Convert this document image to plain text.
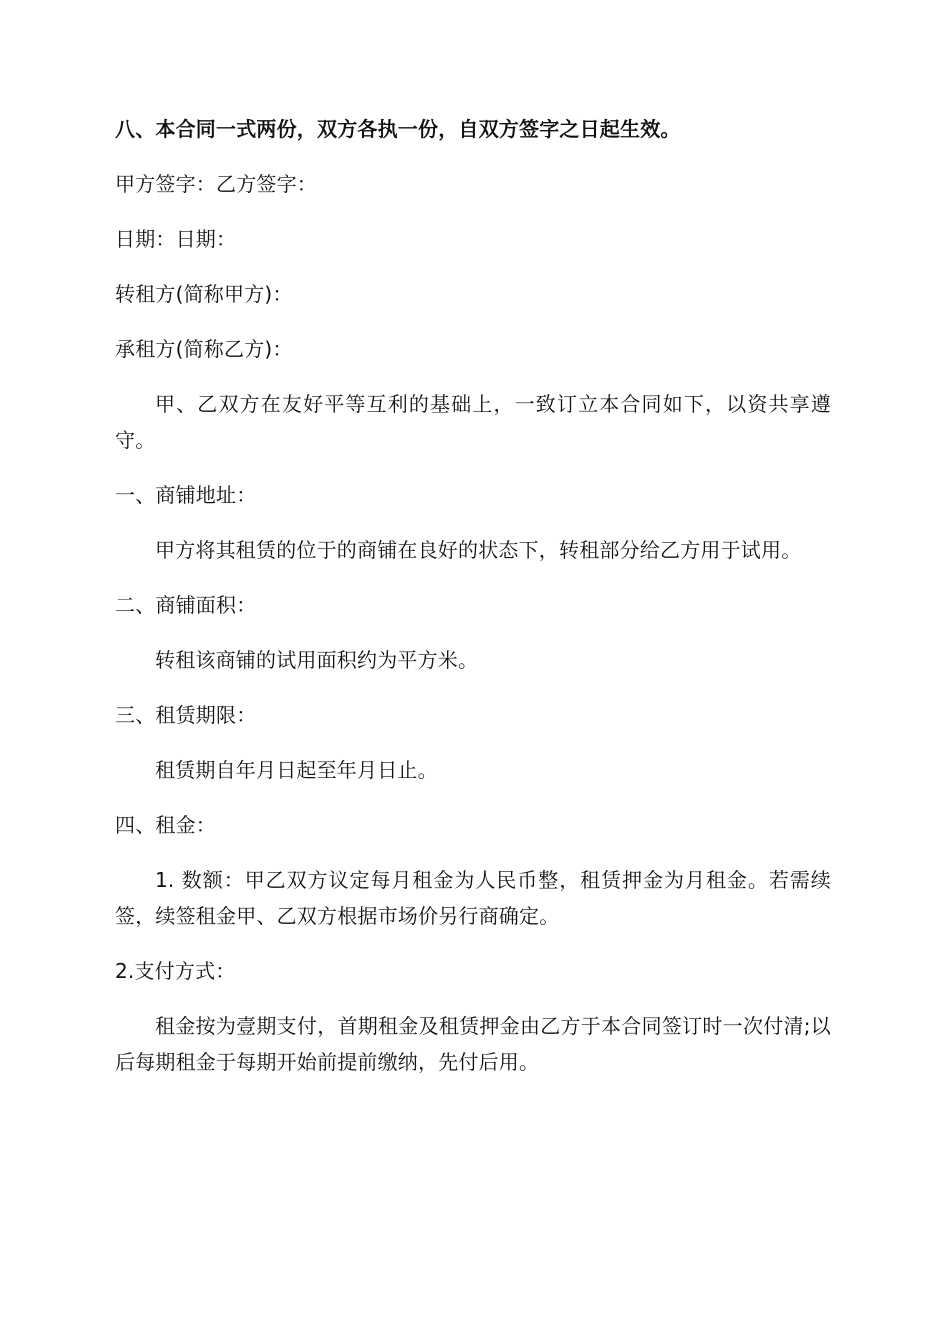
八、本合同一式两份，双方各执一份，自双方签字之日起生效。

甲方签字：乙方签字：

日期：日期：

转租方(简称甲方)：

承租方(简称乙方)：

甲、乙双方在友好平等互利的基础上，一致订立本合同如下，以资共享遵守。

一、商铺地址：

甲方将其租赁的位于的商铺在良好的状态下，转租部分给乙方用于试用。

二、商铺面积：

转租该商铺的试用面积约为平方米。

三、租赁期限：

租赁期自年月日起至年月日止。

四、租金：

1. 数额：甲乙双方议定每月租金为人民币整，租赁押金为月租金。若需续签，续签租金甲、乙双方根据市场价另行商确定。

2.支付方式：

租金按为壹期支付，首期租金及租赁押金由乙方于本合同签订时一次付清;以后每期租金于每期开始前提前缴纳，先付后用。
